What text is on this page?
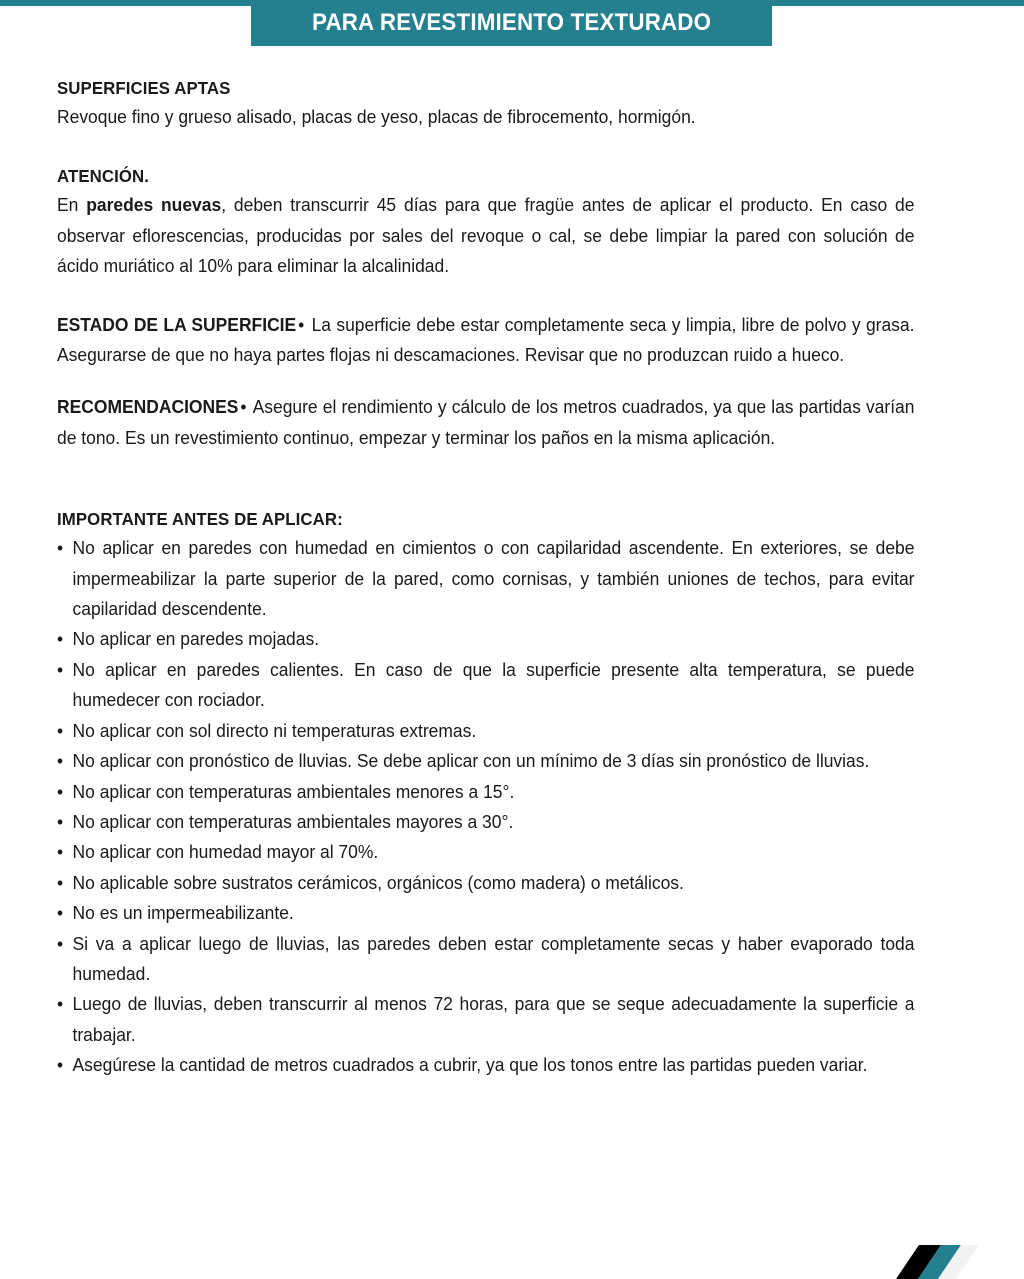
PARA REVESTIMIENTO TEXTURADO
SUPERFICIES APTAS

Revoque fino y grueso alisado, placas de yeso, placas de fibrocemento, hormigón.

ATENCIÓN.

En paredes nuevas, deben transcurrir 45 días para que fragüe antes de aplicar el producto. En caso de observar eflorescencias, producidas por sales del revoque o cal, se debe limpiar la pared con solución de ácido muriático al 10% para eliminar la alcalinidad.

ESTADO DE LA SUPERFICIE • La superficie debe estar completamente seca y limpia, libre de polvo y grasa. Asegurarse de que no haya partes flojas ni descamaciones. Revisar que no produzcan ruido a hueco.

RECOMENDACIONES • Asegure el rendimiento y cálculo de los metros cuadrados, ya que las partidas varían de tono. Es un revestimiento continuo, empezar y terminar los paños en la misma aplicación.

IMPORTANTE ANTES DE APLICAR:
• No aplicar en paredes con humedad en cimientos o con capilaridad ascendente. En exteriores, se debe impermeabilizar la parte superior de la pared, como cornisas, y también uniones de techos, para evitar capilaridad descendente.
• No aplicar en paredes mojadas.
• No aplicar en paredes calientes. En caso de que la superficie presente alta temperatura, se puede humedecer con rociador.
• No aplicar con sol directo ni temperaturas extremas.
• No aplicar con pronóstico de lluvias. Se debe aplicar con un mínimo de 3 días sin pronóstico de lluvias.
• No aplicar con temperaturas ambientales menores a 15°.
• No aplicar con temperaturas ambientales mayores a 30°.
• No aplicar con humedad mayor al 70%.
• No aplicable sobre sustratos cerámicos, orgánicos (como madera) o metálicos.
• No es un impermeabilizante.
• Si va a aplicar luego de lluvias, las paredes deben estar completamente secas y haber evaporado toda humedad.
• Luego de lluvias, deben transcurrir al menos 72 horas, para que se seque adecuadamente la superficie a trabajar.
• Asegúrese la cantidad de metros cuadrados a cubrir, ya que los tonos entre las partidas pueden variar.
